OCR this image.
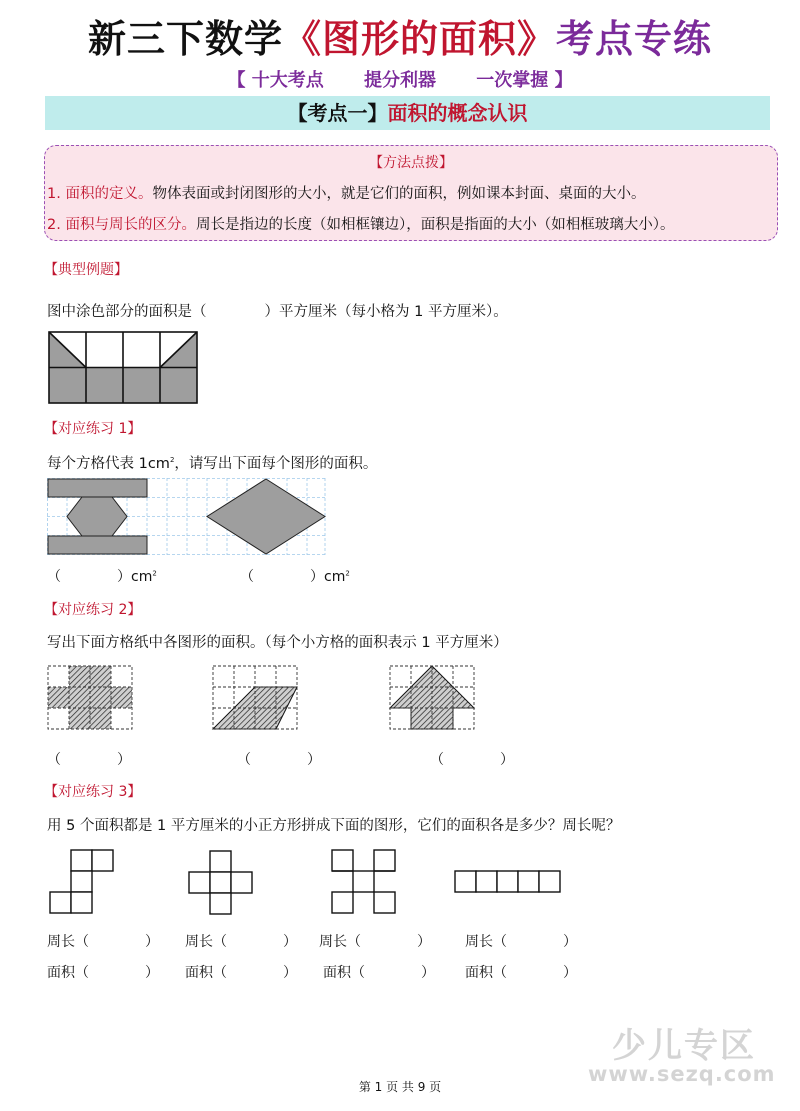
新三下数学《图形的面积》考点专练
【 十大考点 提分利器 一次掌握 】
【考点一】面积的概念认识
【方法点拨】
1. 面积的定义。物体表面或封闭图形的大小，就是它们的面积，例如课本封面、桌面的大小。
2. 面积与周长的区分。周长是指边的长度（如相框镶边），面积是指面的大小（如相框玻璃大小）。
【典型例题】
图中涂色部分的面积是（　　　　）平方厘米（每小格为 1 平方厘米）。
【对应练习 1】
每个方格代表 $1cm^2$，请写出下面每个图形的面积。
（　　　　）$cm^2$	（　　　　）$cm^2$
【对应练习 2】
写出下面方格纸中各图形的面积。（每个小方格的面积表示 1 平方厘米）
（　　　　）	（　　　　）	（　　　　）
【对应练习 3】
用 5 个面积都是 1 平方厘米的小正方形拼成下面的图形，它们的面积各是多少？周长呢？
周长（　　　　） 周长（　　　　） 周长（　　　　） 周长（　　　　）
面积（　　　　） 面积（　　　　） 面积（　　　　） 面积（　　　　）
少儿专区
www.sezq.com
第 1 页 共 9 页
